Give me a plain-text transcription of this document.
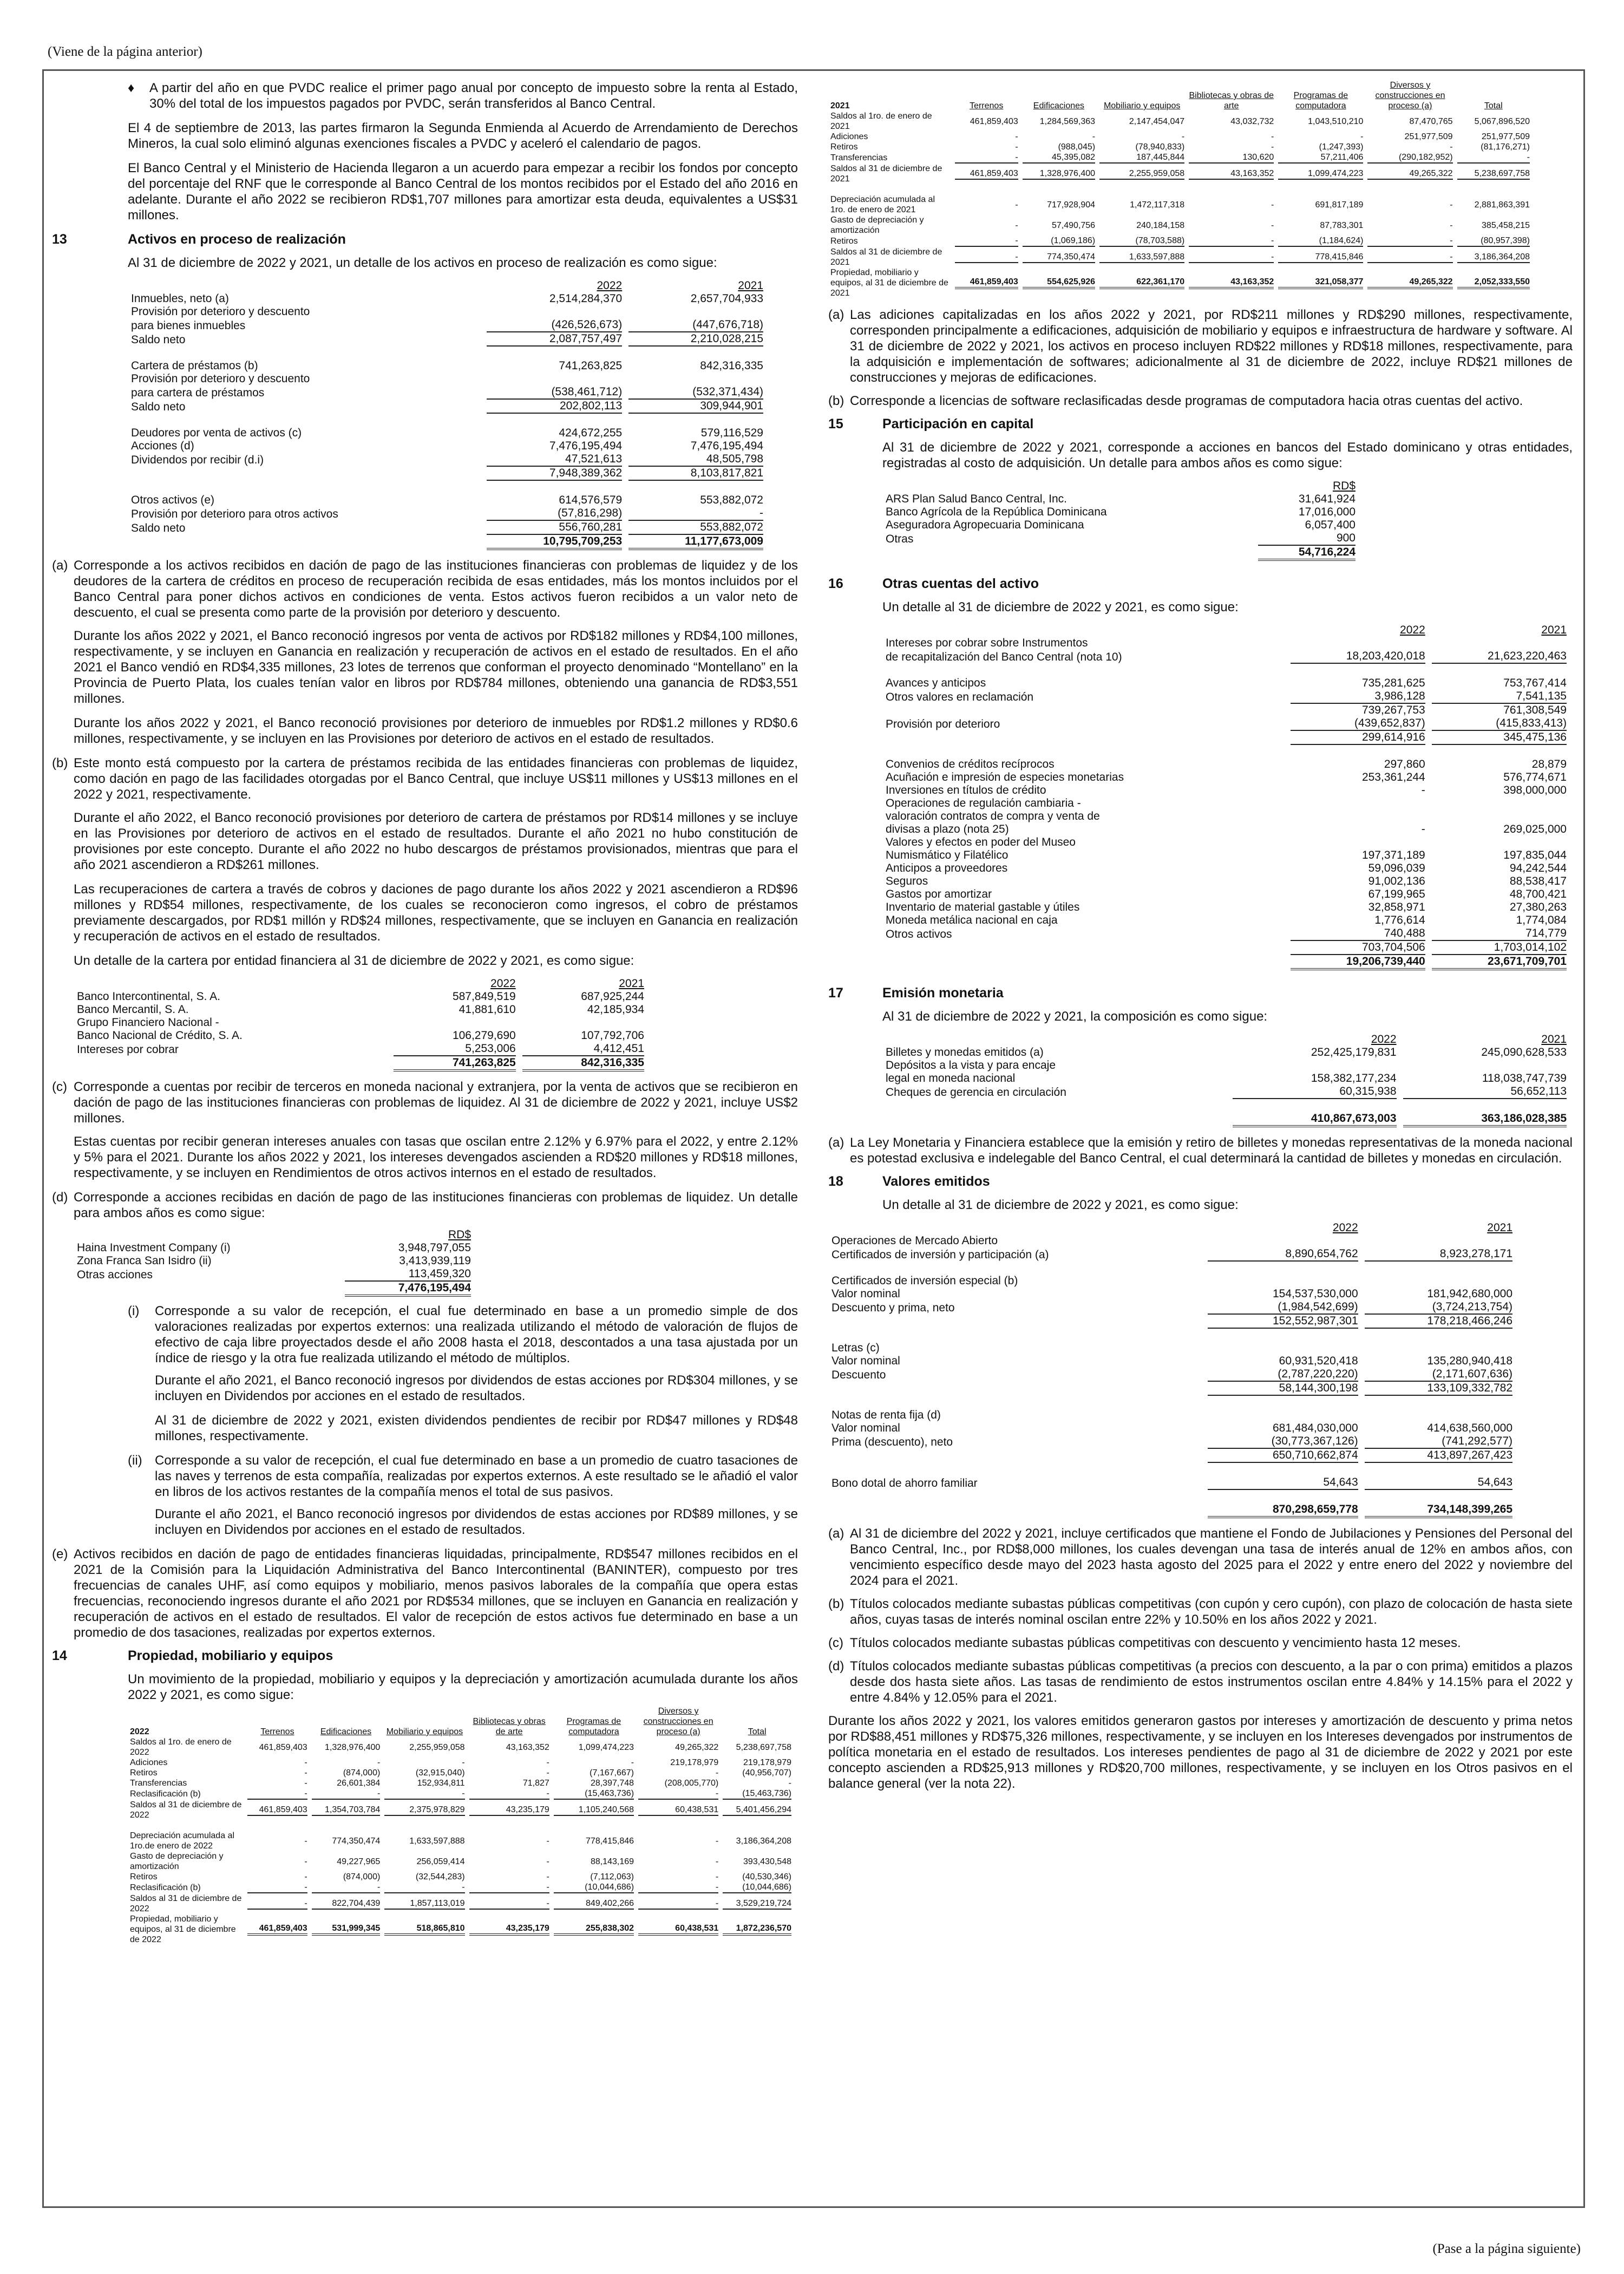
(Viene de la página anterior)
♦	A partir del año en que PVDC realice el primer pago anual por concepto de impuesto sobre la renta al Estado, 30% del total de los impuestos pagados por PVDC, serán transferidos al Banco Central.

El 4 de septiembre de 2013, las partes firmaron la Segunda Enmienda al Acuerdo de Arrendamiento de Derechos Mineros, la cual solo eliminó algunas exenciones fiscales a PVDC y aceleró el calendario de pagos.

El Banco Central y el Ministerio de Hacienda llegaron a un acuerdo para empezar a recibir los fondos por concepto del porcentaje del RNF que le corresponde al Banco Central de los montos recibidos por el Estado del año 2016 en adelante. Durante el año 2022 se recibieron RD$1,707 millones para amortizar esta deuda, equivalentes a US$31 millones.

13	Activos en proceso de realización

Al 31 de diciembre de 2022 y 2021, un detalle de los activos en proceso de realización es como sigue:

	2022	2021
Inmuebles, neto (a)	2,514,284,370	2,657,704,933
Provisión por deterioro y descuento		
para bienes inmuebles	(426,526,673)	(447,676,718)
Saldo neto	2,087,757,497	2,210,028,215

Cartera de préstamos (b)	741,263,825	842,316,335
Provisión por deterioro y descuento		
para cartera de préstamos	(538,461,712)	(532,371,434)
Saldo neto	202,802,113	309,944,901

Deudores por venta de activos (c)	424,672,255	579,116,529
Acciones (d)	7,476,195,494	7,476,195,494
Dividendos por recibir (d.i)	47,521,613	48,505,798
	7,948,389,362	8,103,817,821

Otros activos (e)	614,576,579	553,882,072
Provisión por deterioro para otros activos	(57,816,298)	-
Saldo neto	556,760,281	553,882,072
	10,795,709,253	11,177,673,009
(a) Corresponde a los activos recibidos en dación de pago de las instituciones financieras con problemas de liquidez y de los deudores de la cartera de créditos en proceso de recuperación recibida de esas entidades, más los montos incluidos por el Banco Central para poner dichos activos en condiciones de venta. Estos activos fueron recibidos a un valor neto de descuento, el cual se presenta como parte de la provisión por deterioro y descuento.

Durante los años 2022 y 2021, el Banco reconoció ingresos por venta de activos por RD$182 millones y RD$4,100 millones, respectivamente, y se incluyen en Ganancia en realización y recuperación de activos en el estado de resultados. En el año 2021 el Banco vendió en RD$4,335 millones, 23 lotes de terrenos que conforman el proyecto denominado “Montellano” en la Provincia de Puerto Plata, los cuales tenían valor en libros por RD$784 millones, obteniendo una ganancia de RD$3,551 millones.

Durante los años 2022 y 2021, el Banco reconoció provisiones por deterioro de inmuebles por RD$1.2 millones y RD$0.6 millones, respectivamente, y se incluyen en las Provisiones por deterioro de activos en el estado de resultados.

(b) Este monto está compuesto por la cartera de préstamos recibida de las entidades financieras con problemas de liquidez, como dación en pago de las facilidades otorgadas por el Banco Central, que incluye US$11 millones y US$13 millones en el 2022 y 2021, respectivamente.

Durante el año 2022, el Banco reconoció provisiones por deterioro de cartera de préstamos por RD$14 millones y se incluye en las Provisiones por deterioro de activos en el estado de resultados. Durante el año 2021 no hubo constitución de provisiones por este concepto. Durante el año 2022 no hubo descargos de préstamos provisionados, mientras que para el año 2021 ascendieron a RD$261 millones.

Las recuperaciones de cartera a través de cobros y daciones de pago durante los años 2022 y 2021 ascendieron a RD$96 millones y RD$54 millones, respectivamente, de los cuales se reconocieron como ingresos, el cobro de préstamos previamente descargados, por RD$1 millón y RD$24 millones, respectivamente, que se incluyen en Ganancia en realización y recuperación de activos en el estado de resultados.

Un detalle de la cartera por entidad financiera al 31 de diciembre de 2022 y 2021, es como sigue:

	2022	2021
Banco Intercontinental, S. A.	587,849,519	687,925,244
Banco Mercantil, S. A.	41,881,610	42,185,934
Grupo Financiero Nacional -		
Banco Nacional de Crédito, S. A.	106,279,690	107,792,706
Intereses por cobrar	5,253,006	4,412,451
	741,263,825	842,316,335
(c) Corresponde a cuentas por recibir de terceros en moneda nacional y extranjera, por la venta de activos que se recibieron en dación de pago de las instituciones financieras con problemas de liquidez. Al 31 de diciembre de 2022 y 2021, incluye US$2 millones.

Estas cuentas por recibir generan intereses anuales con tasas que oscilan entre 2.12% y 6.97% para el 2022, y entre 2.12% y 5% para el 2021. Durante los años 2022 y 2021, los intereses devengados ascienden a RD$20 millones y RD$18 millones, respectivamente, y se incluyen en Rendimientos de otros activos internos en el estado de resultados.

(d) Corresponde a acciones recibidas en dación de pago de las instituciones financieras con problemas de liquidez. Un detalle para ambos años es como sigue:
	RD$
Haina Investment Company (i)	3,948,797,055
Zona Franca San Isidro (ii)	3,413,939,119
Otras acciones	113,459,320
	7,476,195,494
(i)	Corresponde a su valor de recepción, el cual fue determinado en base a un promedio simple de dos valoraciones realizadas por expertos externos: una realizada utilizando el método de valoración de flujos de efectivo de caja libre proyectados desde el año 2008 hasta el 2018, descontados a una tasa ajustada por un índice de riesgo y la otra fue realizada utilizando el método de múltiplos.

Durante el año 2021, el Banco reconoció ingresos por dividendos de estas acciones por RD$304 millones, y se incluyen en Dividendos por acciones en el estado de resultados.

Al 31 de diciembre de 2022 y 2021, existen dividendos pendientes de recibir por RD$47 millones y RD$48 millones, respectivamente.

(ii) Corresponde a su valor de recepción, el cual fue determinado en base a un promedio de cuatro tasaciones de las naves y terrenos de esta compañía, realizadas por expertos externos. A este resultado se le añadió el valor en libros de los activos restantes de la compañía menos el total de sus pasivos.

Durante el año 2021, el Banco reconoció ingresos por dividendos de estas acciones por RD$89 millones, y se incluyen en Dividendos por acciones en el estado de resultados.

(e) Activos recibidos en dación de pago de entidades financieras liquidadas, principalmente, RD$547 millones recibidos en el 2021 de la Comisión para la Liquidación Administrativa del Banco Intercontinental (BANINTER), compuesto por tres frecuencias de canales UHF, así como equipos y mobiliario, menos pasivos laborales de la compañía que opera estas frecuencias, reconociendo ingresos durante el año 2021 por RD$534 millones, que se incluyen en Ganancia en realización y recuperación de activos en el estado de resultados. El valor de recepción de estos activos fue determinado en base a un promedio de dos tasaciones, realizadas por expertos externos.
14	Propiedad, mobiliario y equipos

Un movimiento de la propiedad, mobiliario y equipos y la depreciación y amortización acumulada durante los años 2022 y 2021, es como sigue:

2022	Terrenos	Edificaciones	Mobiliario y equipos	Bibliotecas y obras de arte	Programas de computadora	Diversos y construcciones en proceso (a)	Total
Saldos al 1ro. de enero de 2022	461,859,403	1,328,976,400	2,255,959,058	43,163,352	1,099,474,223	49,265,322	5,238,697,758
Adiciones	-	-	-	-	-	219,178,979	219,178,979
Retiros	-	(874,000)	(32,915,040)	-	(7,167,667)	-	(40,956,707)
Transferencias	-	26,601,384	152,934,811	71,827	28,397,748	(208,005,770)	-
Reclasificación (b)	-	-	-	-	(15,463,736)	-	(15,463,736)
Saldos al 31 de diciembre de 2022	461,859,403	1,354,703,784	2,375,978,829	43,235,179	1,105,240,568	60,438,531	5,401,456,294

Depreciación acumulada al 1ro.de enero de 2022	-	774,350,474	1,633,597,888	-	778,415,846	-	3,186,364,208
Gasto de depreciación y amortización	-	49,227,965	256,059,414	-	88,143,169	-	393,430,548
Retiros	-	(874,000)	(32,544,283)	-	(7,112,063)	-	(40,530,346)
Reclasificación (b)	-	-	-	-	(10,044,686)	-	(10,044,686)
Saldos al 31 de diciembre de 2022	-	822,704,439	1,857,113,019	-	849,402,266	-	3,529,219,724
Propiedad, mobiliario y equipos, al 31 de diciembre de 2022	461,859,403	531,999,345	518,865,810	43,235,179	255,838,302	60,438,531	1,872,236,570
2021	Terrenos	Edificaciones	Mobiliario y equipos	Bibliotecas y obras de arte	Programas de computadora	Diversos y construcciones en proceso (a)	Total
Saldos al 1ro. de enero de 2021	461,859,403	1,284,569,363	2,147,454,047	43,032,732	1,043,510,210	87,470,765	5,067,896,520
Adiciones	-	-	-	-	-	251,977,509	251,977,509
Retiros	-	(988,045)	(78,940,833)	-	(1,247,393)	-	(81,176,271)
Transferencias	-	45,395,082	187,445,844	130,620	57,211,406	(290,182,952)	-
Saldos al 31 de diciembre de 2021	461,859,403	1,328,976,400	2,255,959,058	43,163,352	1,099,474,223	49,265,322	5,238,697,758

Depreciación acumulada al 1ro. de enero de 2021	-	717,928,904	1,472,117,318	-	691,817,189	-	2,881,863,391
Gasto de depreciación y amortización	-	57,490,756	240,184,158	-	87,783,301	-	385,458,215
Retiros	-	(1,069,186)	(78,703,588)	-	(1,184,624)	-	(80,957,398)
Saldos al 31 de diciembre de 2021	-	774,350,474	1,633,597,888	-	778,415,846	-	3,186,364,208
Propiedad, mobiliario y equipos, al 31 de diciembre de 2021	461,859,403	554,625,926	622,361,170	43,163,352	321,058,377	49,265,322	2,052,333,550
(a) Las adiciones capitalizadas en los años 2022 y 2021, por RD$211 millones y RD$290 millones, respectivamente, corresponden principalmente a edificaciones, adquisición de mobiliario y equipos e infraestructura de hardware y software. Al 31 de diciembre de 2022 y 2021, los activos en proceso incluyen RD$22 millones y RD$18 millones, respectivamente, para la adquisición e implementación de softwares; adicionalmente al 31 de diciembre de 2022, incluye RD$21 millones de construcciones y mejoras de edificaciones.
(b) Corresponde a licencias de software reclasificadas desde programas de computadora hacia otras cuentas del activo.
15	Participación en capital

Al 31 de diciembre de 2022 y 2021, corresponde a acciones en bancos del Estado dominicano y otras entidades, registradas al costo de adquisición. Un detalle para ambos años es como sigue:

	RD$
ARS Plan Salud Banco Central, Inc.	31,641,924
Banco Agrícola de la República Dominicana	17,016,000
Aseguradora Agropecuaria Dominicana	6,057,400
Otras	900
	54,716,224
16	Otras cuentas del activo

Un detalle al 31 de diciembre de 2022 y 2021, es como sigue:

	2022	2021
Intereses por cobrar sobre Instrumentos		
de recapitalización del Banco Central (nota 10)	18,203,420,018	21,623,220,463

Avances y anticipos	735,281,625	753,767,414
Otros valores en reclamación	3,986,128	7,541,135
	739,267,753	761,308,549
Provisión por deterioro	(439,652,837)	(415,833,413)
	299,614,916	345,475,136

Convenios de créditos recíprocos	297,860	28,879
Acuñación e impresión de especies monetarias	253,361,244	576,774,671
Inversiones en títulos de crédito	-	398,000,000
Operaciones de regulación cambiaria -		
valoración contratos de compra y venta de		
divisas a plazo (nota 25)	-	269,025,000
Valores y efectos en poder del Museo		
Numismático y Filatélico	197,371,189	197,835,044
Anticipos a proveedores	59,096,039	94,242,544
Seguros	91,002,136	88,538,417
Gastos por amortizar	67,199,965	48,700,421
Inventario de material gastable y útiles	32,858,971	27,380,263
Moneda metálica nacional en caja	1,776,614	1,774,084
Otros activos	740,488	714,779
	703,704,506	1,703,014,102
	19,206,739,440	23,671,709,701
17	Emisión monetaria

Al 31 de diciembre de 2022 y 2021, la composición es como sigue:

	2022	2021
Billetes y monedas emitidos (a)	252,425,179,831	245,090,628,533
Depósitos a la vista y para encaje		
legal en moneda nacional	158,382,177,234	118,038,747,739
Cheques de gerencia en circulación	60,315,938	56,652,113

	410,867,673,003	363,186,028,385
(a) La Ley Monetaria y Financiera establece que la emisión y retiro de billetes y monedas representativas de la moneda nacional es potestad exclusiva e indelegable del Banco Central, el cual determinará la cantidad de billetes y monedas en circulación.
18	Valores emitidos

Un detalle al 31 de diciembre de 2022 y 2021, es como sigue:

	2022	2021
Operaciones de Mercado Abierto		
Certificados de inversión y participación (a)	8,890,654,762	8,923,278,171

Certificados de inversión especial (b)		
Valor nominal	154,537,530,000	181,942,680,000
Descuento y prima, neto	(1,984,542,699)	(3,724,213,754)
	152,552,987,301	178,218,466,246

Letras (c)		
Valor nominal	60,931,520,418	135,280,940,418
Descuento	(2,787,220,220)	(2,171,607,636)
	58,144,300,198	133,109,332,782

Notas de renta fija (d)		
Valor nominal	681,484,030,000	414,638,560,000
Prima (descuento), neto	(30,773,367,126)	(741,292,577)
	650,710,662,874	413,897,267,423

Bono dotal de ahorro familiar	54,643	54,643

	870,298,659,778	734,148,399,265
(a) Al 31 de diciembre del 2022 y 2021, incluye certificados que mantiene el Fondo de Jubilaciones y Pensiones del Personal del Banco Central, Inc., por RD$8,000 millones, los cuales devengan una tasa de interés anual de 12% en ambos años, con vencimiento específico desde mayo del 2023 hasta agosto del 2025 para el 2022 y entre enero del 2022 y noviembre del 2024 para el 2021.
(b) Títulos colocados mediante subastas públicas competitivas (con cupón y cero cupón), con plazo de colocación de hasta siete años, cuyas tasas de interés nominal oscilan entre 22% y 10.50% en los años 2022 y 2021.
(c) Títulos colocados mediante subastas públicas competitivas con descuento y vencimiento hasta 12 meses.
(d) Títulos colocados mediante subastas públicas competitivas (a precios con descuento, a la par o con prima) emitidos a plazos desde dos hasta siete años. Las tasas de rendimiento de estos instrumentos oscilan entre 4.84% y 14.15% para el 2022 y entre 4.84% y 12.05% para el 2021.

Durante los años 2022 y 2021, los valores emitidos generaron gastos por intereses y amortización de descuento y prima netos por RD$88,451 millones y RD$75,326 millones, respectivamente, y se incluyen en los Intereses devengados por instrumentos de política monetaria en el estado de resultados. Los intereses pendientes de pago al 31 de diciembre de 2022 y 2021 por este concepto ascienden a RD$25,913 millones y RD$20,700 millones, respectivamente, y se incluyen en los Otros pasivos en el balance general (ver la nota 22).

(Pase a la página siguiente)
